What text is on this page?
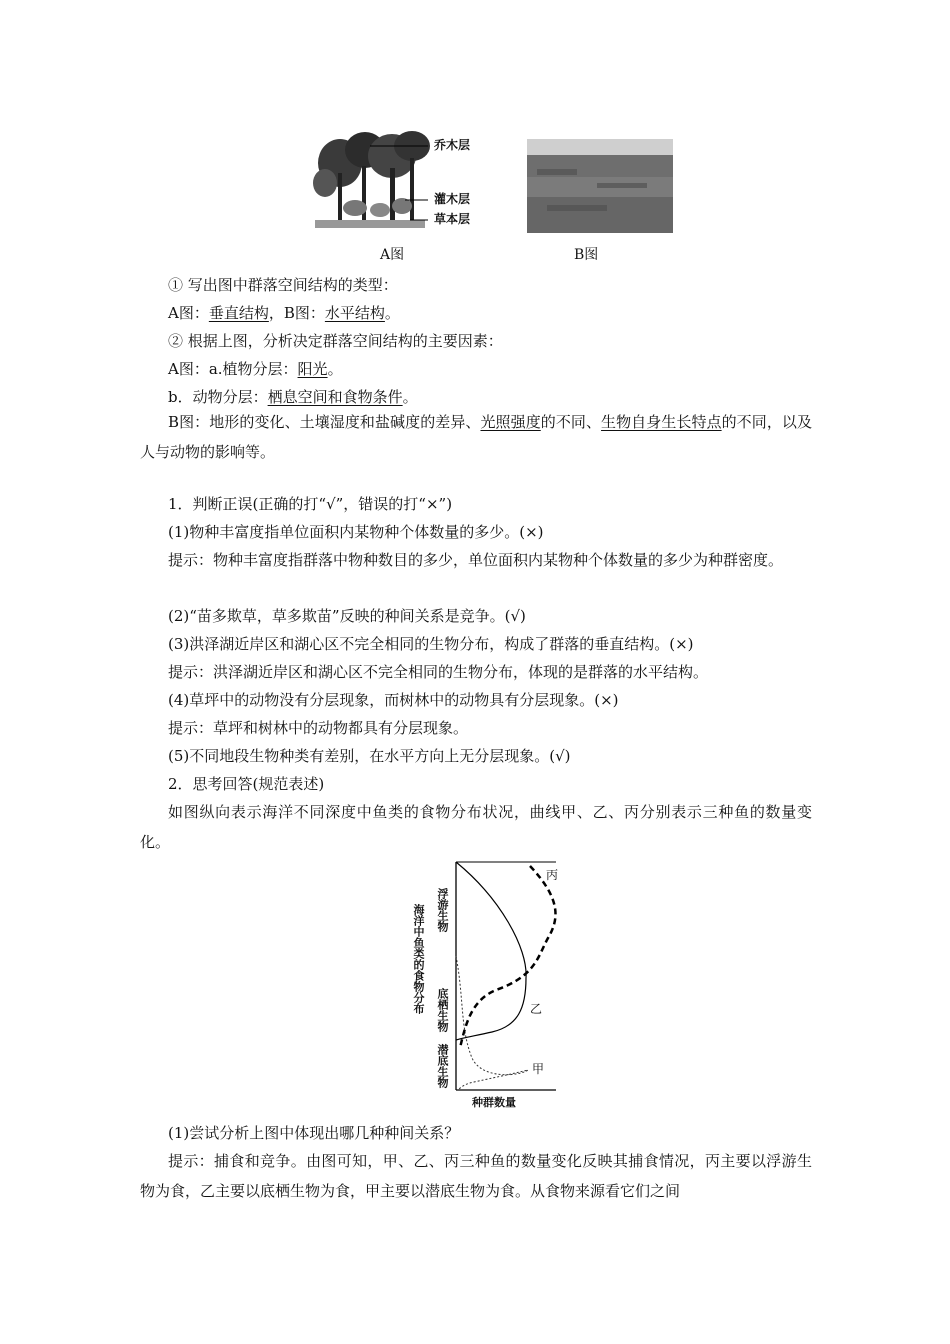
乔木层
灌木层
草本层
A图	B图
① 写出图中群落空间结构的类型：
A图：垂直结构，B图：水平结构。
② 根据上图，分析决定群落空间结构的主要因素：
A图：a.植物分层：阳光。
b．动物分层：栖息空间和食物条件。
B图：地形的变化、土壤湿度和盐碱度的差异、光照强度的不同、生物自身生长特点的不同，以及人与动物的影响等。
1．判断正误(正确的打“√”，错误的打“×”)
(1)物种丰富度指单位面积内某物种个体数量的多少。(×)
提示：物种丰富度指群落中物种数目的多少，单位面积内某物种个体数量的多少为种群密度。
(2)“苗多欺草，草多欺苗”反映的种间关系是竞争。(√)
(3)洪泽湖近岸区和湖心区不完全相同的生物分布，构成了群落的垂直结构。(×)
提示：洪泽湖近岸区和湖心区不完全相同的生物分布，体现的是群落的水平结构。
(4)草坪中的动物没有分层现象，而树林中的动物具有分层现象。(×)
提示：草坪和树林中的动物都具有分层现象。
(5)不同地段生物种类有差别，在水平方向上无分层现象。(√)
2．思考回答(规范表述)
如图纵向表示海洋不同深度中鱼类的食物分布状况，曲线甲、乙、丙分别表示三种鱼的数量变化。
海洋中鱼类的食物分布 浮游生物
底栖生物
潜底生物
丙
乙
甲
种群数量
(1)尝试分析上图中体现出哪几种种间关系？
提示：捕食和竞争。由图可知，甲、乙、丙三种鱼的数量变化反映其捕食情况，丙主要以浮游生物为食，乙主要以底栖生物为食，甲主要以潜底生物为食。从食物来源看它们之间
